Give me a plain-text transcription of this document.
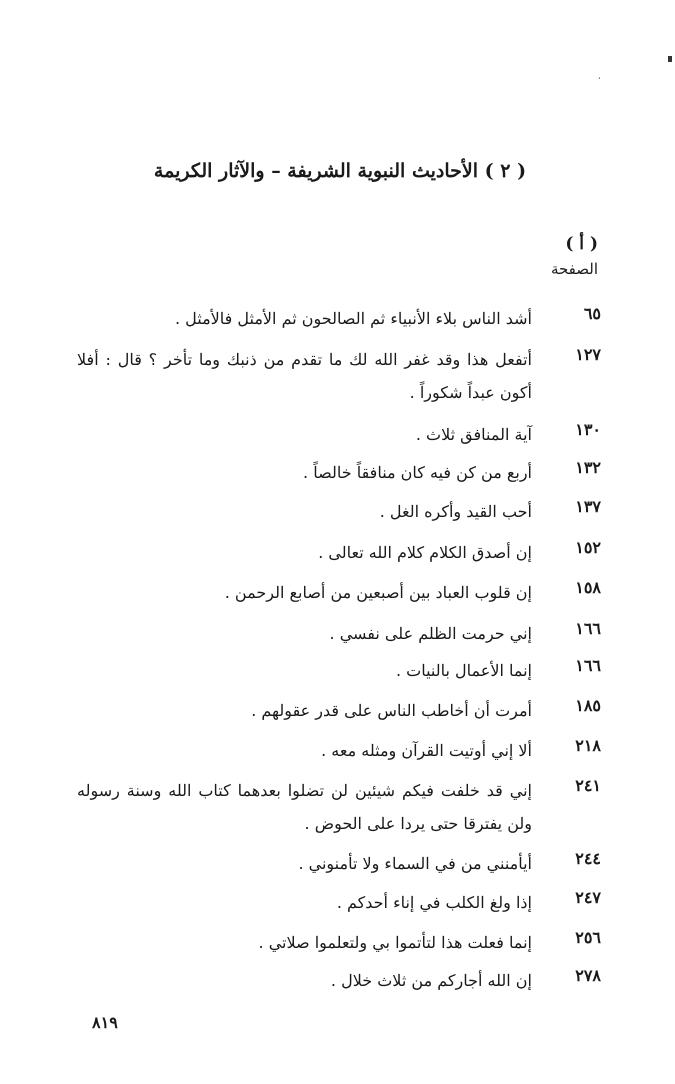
،
( ٢ ) الأحاديث النبوية الشريفة – والآثار الكريمة
( أ )
الصفحة
٦٥
أشد الناس بلاء الأنبياء ثم الصالحون ثم الأمثل فالأمثل .
١٢٧
أتفعل هذا وقد غفر الله لك ما تقدم من ذنبك وما تأخر ؟ قال : أفلا أكون عبداً شكوراً .
١٣٠
آية المنافق ثلاث .
١٣٢
أربع من كن فيه كان منافقاً خالصاً .
١٣٧
أحب القيد وأكره الغل .
١٥٢
إن أصدق الكلام كلام الله تعالى .
١٥٨
إن قلوب العباد بين أصبعين من أصابع الرحمن .
١٦٦
إني حرمت الظلم على نفسي .
١٦٦
إنما الأعمال بالنيات .
١٨٥
أمرت أن أخاطب الناس على قدر عقولهم .
٢١٨
ألا إني أوتيت القرآن ومثله معه .
٢٤١
إني قد خلفت فيكم شيئين لن تضلوا بعدهما كتاب الله وسنة رسوله ولن يفترقا حتى يردا على الحوض .
٢٤٤
أيأمنني من في السماء ولا تأمنوني .
٢٤٧
إذا ولغ الكلب في إناء أحدكم .
٢٥٦
إنما فعلت هذا لتأتموا بي ولتعلموا صلاتي .
٢٧٨
إن الله أجاركم من ثلاث خلال .
٨١٩
